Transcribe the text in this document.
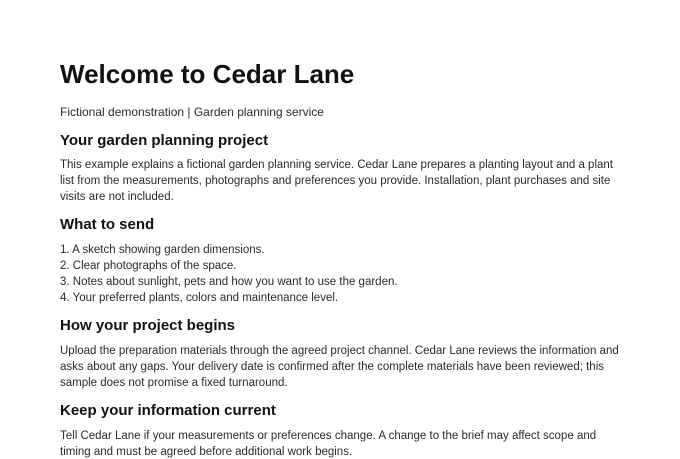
Welcome to Cedar Lane

Fictional demonstration | Garden planning service

Your garden planning project

This example explains a fictional garden planning service. Cedar Lane prepares a planting layout and a plant
list from the measurements, photographs and preferences you provide. Installation, plant purchases and site
visits are not included.

What to send
1. A sketch showing garden dimensions.
2. Clear photographs of the space.
3. Notes about sunlight, pets and how you want to use the garden.
4. Your preferred plants, colors and maintenance level.
How your project begins

Upload the preparation materials through the agreed project channel. Cedar Lane reviews the information and
asks about any gaps. Your delivery date is confirmed after the complete materials have been reviewed; this
sample does not promise a fixed turnaround.

Keep your information current

Tell Cedar Lane if your measurements or preferences change. A change to the brief may affect scope and
timing and must be agreed before additional work begins.
